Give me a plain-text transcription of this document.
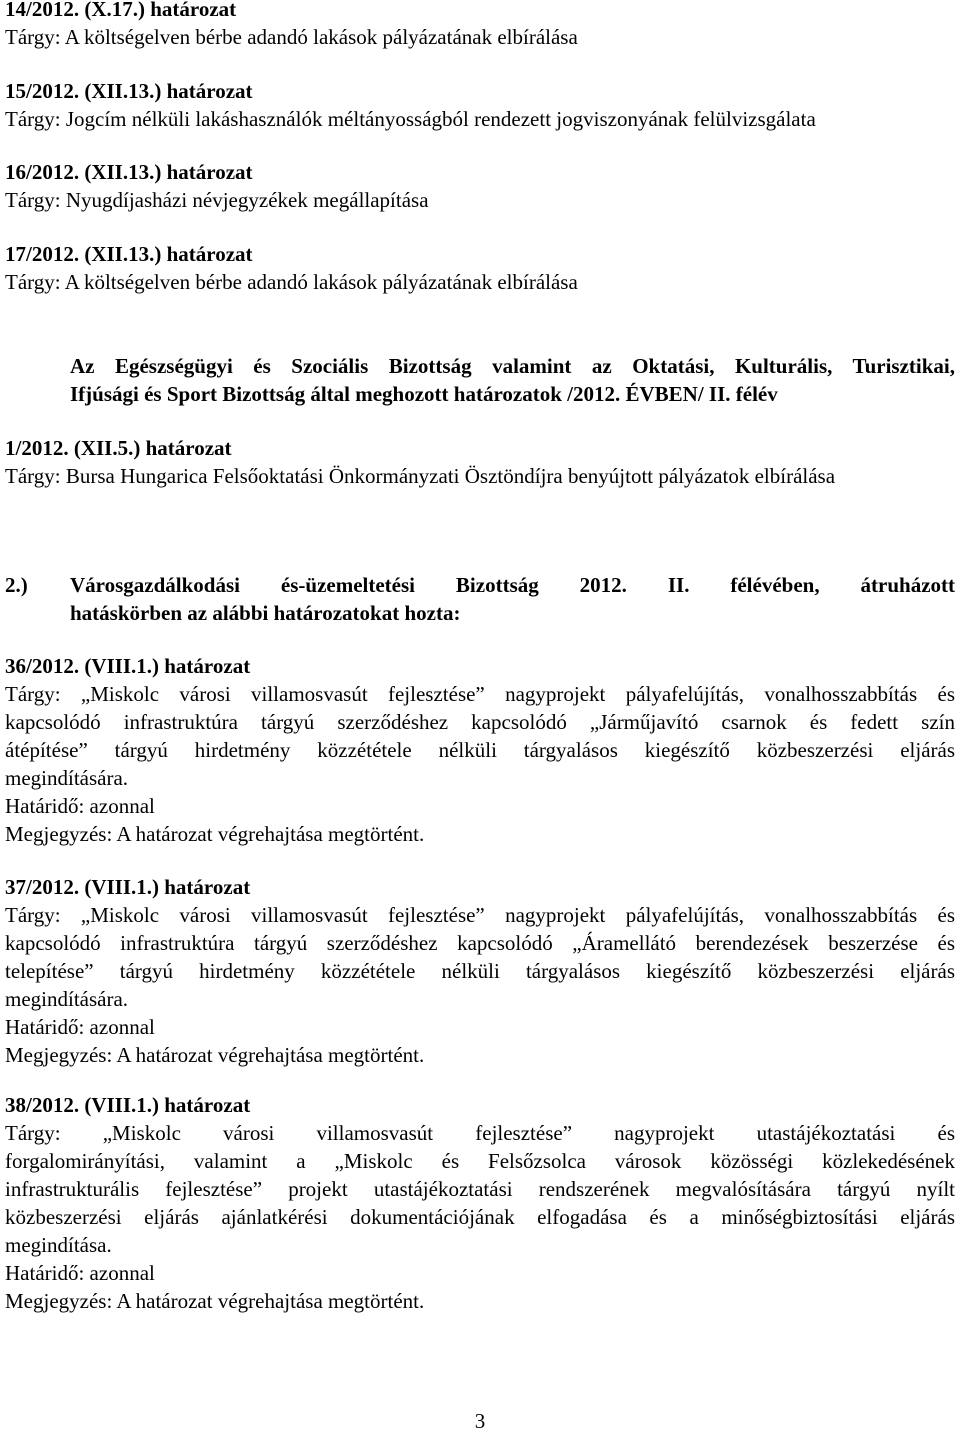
14/2012. (X.17.) határozat
Tárgy: A költségelven bérbe adandó lakások pályázatának elbírálása
15/2012. (XII.13.) határozat
Tárgy: Jogcím nélküli lakáshasználók méltányosságból rendezett jogviszonyának felülvizsgálata
16/2012. (XII.13.) határozat
Tárgy: Nyugdíjasházi névjegyzékek megállapítása
17/2012. (XII.13.) határozat
Tárgy: A költségelven bérbe adandó lakások pályázatának elbírálása
Az Egészségügyi és Szociális Bizottság valamint az Oktatási, Kulturális, Turisztikai,
Ifjúsági és Sport Bizottság által meghozott határozatok /2012. ÉVBEN/ II. félév
1/2012. (XII.5.) határozat
Tárgy: Bursa Hungarica Felsőoktatási Önkormányzati Ösztöndíjra benyújtott pályázatok elbírálása
2.)	Városgazdálkodási és-üzemeltetési Bizottság 2012. II. félévében, átruházott
hatáskörben az alábbi határozatokat hozta:
36/2012. (VIII.1.) határozat
Tárgy: „Miskolc városi villamosvasút fejlesztése” nagyprojekt pályafelújítás, vonalhosszabbítás és
kapcsolódó infrastruktúra tárgyú szerződéshez kapcsolódó „Járműjavító csarnok és fedett szín
átépítése” tárgyú hirdetmény közzététele nélküli tárgyalásos kiegészítő közbeszerzési eljárás
megindítására.
Határidő: azonnal
Megjegyzés: A határozat végrehajtása megtörtént.
37/2012. (VIII.1.) határozat
Tárgy: „Miskolc városi villamosvasút fejlesztése” nagyprojekt pályafelújítás, vonalhosszabbítás és
kapcsolódó infrastruktúra tárgyú szerződéshez kapcsolódó „Áramellátó berendezések beszerzése és
telepítése” tárgyú hirdetmény közzététele nélküli tárgyalásos kiegészítő közbeszerzési eljárás
megindítására.
Határidő: azonnal
Megjegyzés: A határozat végrehajtása megtörtént.
38/2012. (VIII.1.) határozat
Tárgy: „Miskolc városi villamosvasút fejlesztése” nagyprojekt utastájékoztatási és
forgalomirányítási, valamint a „Miskolc és Felsőzsolca városok közösségi közlekedésének
infrastrukturális fejlesztése” projekt utastájékoztatási rendszerének megvalósítására tárgyú nyílt
közbeszerzési eljárás ajánlatkérési dokumentációjának elfogadása és a minőségbiztosítási eljárás
megindítása.
Határidő: azonnal
Megjegyzés: A határozat végrehajtása megtörtént.
3
